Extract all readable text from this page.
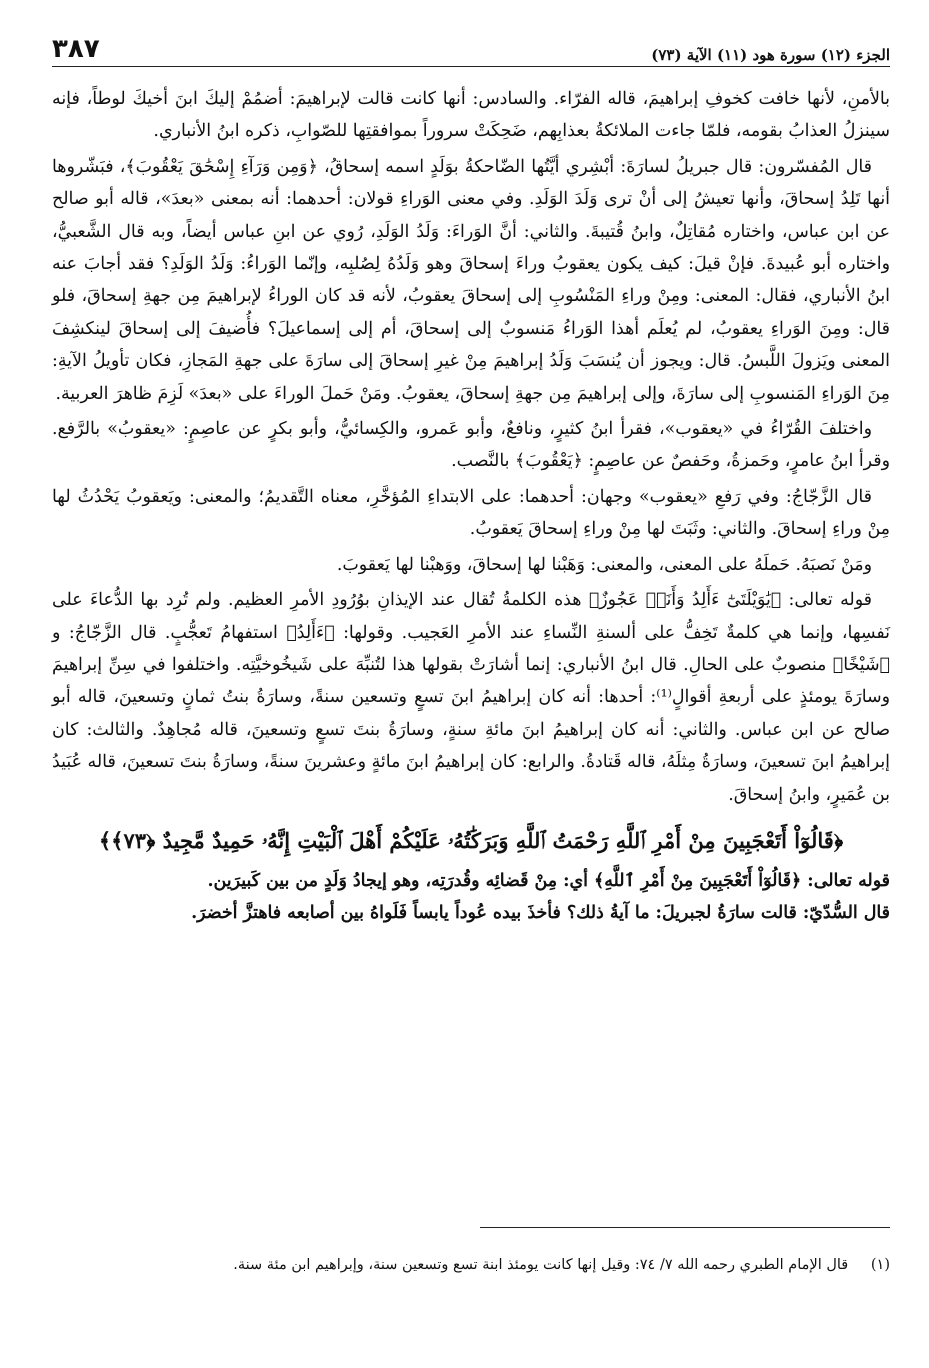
الجزء (١٢) سورة هود (١١) الآية (٧٣)
٣٨٧

بالأمنِ، لأنها خافت كخوفِ إبراهيمَ، قاله الفرّاء. والسادس: أنها كانت قالت لإبراهيمَ: أضمُمْ إليكَ ابنَ أخيكَ لوطاً، فإنه سينزلُ العذابُ بقومه، فلمّا جاءت الملائكةُ بعذابِهم، ضَحِكَتْ سروراً بموافقتِها للصّوابِ، ذكره ابنُ الأنباري.

قال المُفسّرون: قال جبريلُ لسارَةَ: أبْشِري أيَّتُها الضّاحكةُ بوَلَدٍ اسمه إسحاقُ، ﴿وَمِن وَرَآءِ إِسْحَٰقَ يَعْقُوبَ﴾، فبَشّروها أنها تَلِدُ إسحاقَ، وأنها تعيشُ إلى أنْ ترى وَلَدَ الوَلَدِ. وفي معنى الوَراءِ قولان: أحدهما: أنه بمعنى «بعدَ»، قاله أبو صالح عن ابن عباس، واختاره مُقاتِلٌ، وابنُ قُتيبةَ. والثاني: أنَّ الوَراءَ: وَلَدُ الوَلَدِ، رُوي عن ابنِ عباس أيضاً، وبه قال الشَّعبيُّ، واختاره أبو عُبيدةَ. فإنْ قيلَ: كيف يكون يعقوبُ وراءَ إسحاقَ وهو وَلَدُهُ لِصُلبِه، وإنّما الوَراءُ: وَلَدُ الوَلَدِ؟ فقد أجابَ عنه ابنُ الأنباري، فقال: المعنى: ومِنْ وراءِ المَنْسُوبِ إلى إسحاقَ يعقوبُ، لأنه قد كان الوراءُ لإبراهيمَ مِن جهةِ إسحاقَ، فلو قال: ومِنَ الوَراءِ يعقوبُ، لم يُعلَم أهذا الوَراءُ مَنسوبٌ إلى إسحاقَ، أم إلى إسماعيلَ؟ فأُضيفَ إلى إسحاقَ لينكشِفَ المعنى ويَزولَ اللَّبسُ. قال: ويجوز أن يُنسَبَ وَلَدُ إبراهيمَ مِنْ غيرِ إسحاقَ إلى سارَةَ على جهةِ المَجازِ، فكان تأويلُ الآيةِ: مِنَ الوَراءِ المَنسوبِ إلى سارَةَ، وإلى إبراهيمَ مِن جهةِ إسحاقَ، يعقوبُ. ومَنْ حَملَ الوراءَ على «بعدَ» لَزِمَ ظاهرَ العربية.

واختلفَ القُرّاءُ في «يعقوب»، فقرأ ابنُ كثيرٍ، ونافعٌ، وأبو عَمرو، والكِسائيُّ، وأبو بكرٍ عن عاصِمٍ: «يعقوبُ» بالرَّفع. وقرأ ابنُ عامرٍ، وحَمزةُ، وحَفصٌ عن عاصِمٍ: ﴿يَعْقُوبَ﴾ بالنَّصب.

قال الزَّجّاجُ: وفي رَفعِ «يعقوب» وجهان: أحدهما: على الابتداءِ المُؤخَّرِ، معناه التَّقديمُ؛ والمعنى: ويَعقوبُ يَحْدُثُ لها مِنْ وراءِ إسحاقَ. والثاني: وثَبَتَ لها مِنْ وراءِ إسحاقَ يَعقوبُ.

ومَنْ نَصبَهُ. حَملَهُ على المعنى، والمعنى: وَهَبْنا لها إسحاقَ، ووَهبْنا لها يَعقوبَ.

قوله تعالى: ﴿يَٰوَيْلَتَىٰٓ ءَأَلِدُ وَأَنَا۠ عَجُوزٌ﴾ هذه الكلمةُ تُقال عند الإيذانِ بوُرُودِ الأمرِ العظيم. ولم تُرِد بها الدُّعاءَ على نَفسِها، وإنما هي كلمةٌ تَخِفُّ على ألسنةِ النِّساءِ عند الأمرِ العَجيب. وقولها: ﴿ءَأَلِدُ﴾ استفهامُ تَعجُّبٍ. قال الزَّجّاجُ: و ﴿شَيْخًا﴾ منصوبٌ على الحالِ. قال ابنُ الأنباري: إنما أشارَتْ بقولها هذا لتُنبِّهَ على شَيخُوخيَّتِه. واختلفوا في سِنِّ إبراهيمَ وسارَةَ يومئذٍ على أربعةِ أقوالٍ⁽¹⁾: أحدها: أنه كان إبراهيمُ ابنَ تسعٍ وتسعين سنةً، وسارَةُ بنتُ ثمانٍ وتسعينَ، قاله أبو صالح عن ابن عباس. والثاني: أنه كان إبراهيمُ ابنَ مائةِ سنةٍ، وسارَةُ بنتَ تسعٍ وتسعينَ، قاله مُجاهِدٌ. والثالث: كان إبراهيمُ ابنَ تسعينَ، وسارَةُ مِثلَهُ، قاله قَتادةُ. والرابع: كان إبراهيمُ ابنَ مائةٍ وعشرينَ سنةً، وسارَةُ بنتَ تسعينَ، قاله عُبَيدُ بن عُمَيرٍ، وابنُ إسحاقَ.

﴿قَالُوٓاْ أَتَعْجَبِينَ مِنْ أَمْرِ ٱللَّهِ رَحْمَتُ ٱللَّهِ وَبَرَكَٰتُهُۥ عَلَيْكُمْ أَهْلَ ٱلْبَيْتِ إِنَّهُۥ حَمِيدٌ مَّجِيدٌ ﴿٧٣﴾﴾
قوله تعالى: ﴿قَالُوٓاْ أَتَعْجَبِينَ مِنْ أَمْرِ ٱللَّهِ﴾ أي: مِنْ قَضائِه وقُدرَتِه، وهو إيجادُ وَلَدٍ من بين كَبيرَين.
قال السُّدّيّ: قالت سارَةُ لجبريلَ: ما آيةُ ذلك؟ فأخذَ بيده عُوداً يابساً فَلَواهُ بين أصابعه فاهتزَّ أخضرَ.
(١) قال الإمام الطبري رحمه الله ٧/ ٧٤: وقيل إنها كانت يومئذ ابنة تسع وتسعين سنة، وإبراهيم ابن مئة سنة.
